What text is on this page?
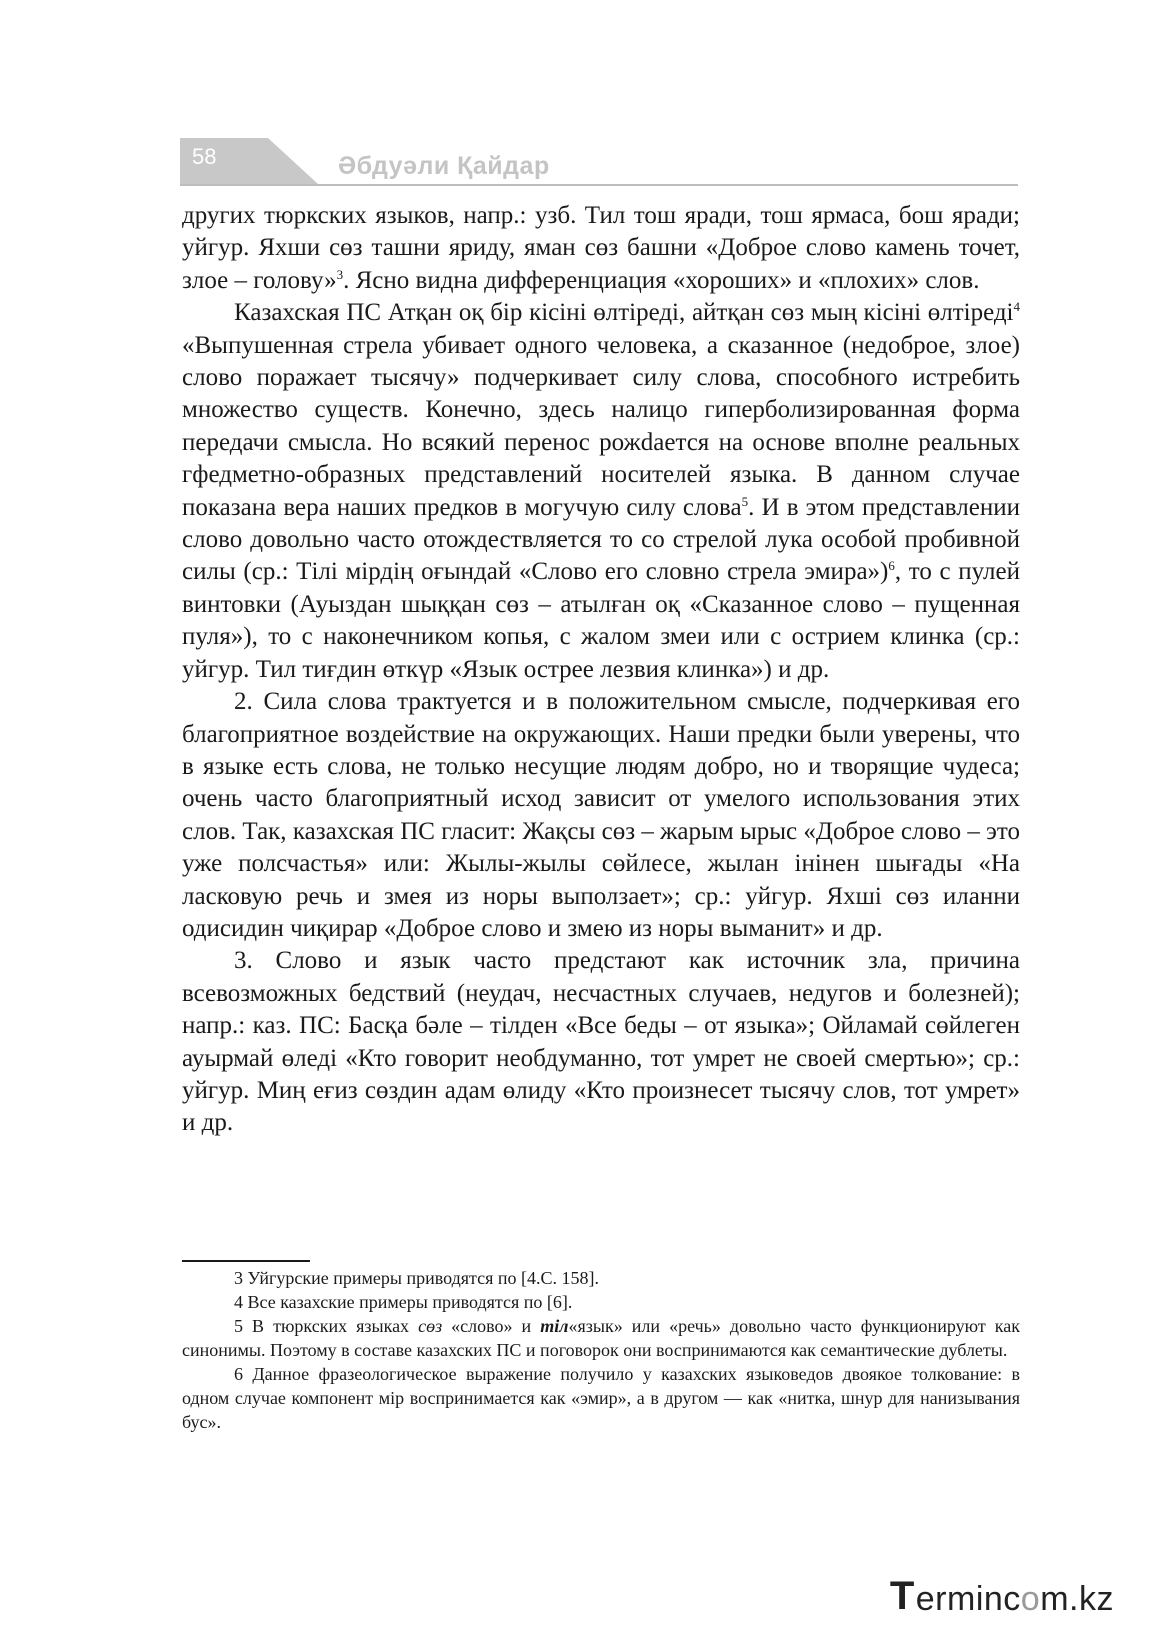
58	Әбдуәли Қайдар

других тюркских языков, напр.: узб. Тил тош яради, тош ярмаса, бош яради; уйгур. Яхши сөз ташни яриду, яман сөз башни «Доброе слово камень точет, злое – голову»$^3$. Ясно видна дифференциация «хороших» и «плохих» слов.

Казахская ПС Атқан оқ бір кісіні өлтіреді, айтқан сөз мың кісіні өлтіреді$^4$ «Выпушенная стрела убивает одного человека, а сказанное (недоброе, злое) слово поражает тысячу» подчеркивает силу слова, способного истребить множество существ. Конечно, здесь налицо гиперболизированная форма передачи смысла. Но всякий перенос рожdается на основе вполне реальных гфедметно-образных представлений носителей языка. В данном случае показана вера наших предков в могучую силу слова$^5$. И в этом представлении слово довольно часто отождествляется то со стрелой лука особой пробивной силы (ср.: Тілі мірдің оғындай «Слово его словно стрела эмира»)$^6$, то с пулей винтовки (Ауыздан шыққан сөз – атылған оқ «Сказанное слово – пущенная пуля»), то с наконечником копья, с жалом змеи или с острием клинка (ср.: уйгур. Тил тиғдин өткүр «Язык острее лезвия клинка») и др.

2. Сила слова трактуется и в положительном смысле, подчеркивая его благоприятное воздействие на окружающих. Наши предки были уверены, что в языке есть слова, не только несущие людям добро, но и творящие чудеса; очень часто благоприятный исход зависит от умелого использования этих слов. Так, казахская ПС гласит: Жақсы сөз – жарым ырыс «Доброе слово – это уже полсчастья» или: Жылы-жылы сөйлесе, жылан інінен шығады «На ласковую речь и змея из норы выползает»; ср.: уйгур. Яхші сөз иланни одисидин чиқирар «Доброе слово и змею из норы выманит» и др.

3. Слово и язык часто предстают как источник зла, причина всевозможных бедствий (неудач, несчастных случаев, недугов и болезней); напр.: каз. ПС: Басқа бәле – тілден «Все беды – от языка»; Ойламай сөйлеген ауырмай өледі «Кто говорит необдуманно, тот умрет не своей смертью»; ср.: уйгур. Миң еғиз сөздин адам өлиду «Кто произнесет тысячу слов, тот умрет» и др.

3 Уйгурские примеры приводятся по [4.С. 158].

4 Все казахские примеры приводятся по [6].

5 В тюркских языках сөз «слово» и тіл«язык» или «речь» довольно часто функционируют как синонимы. Поэтому в составе казахских ПС и поговорок они воспринимаются как семантические дублеты.

6 Данное фразеологическое выражение получило у казахских языковедов двоякое толкование: в одном случае компонент мір воспринимается как «эмир», а в другом — как «нитка, шнур для нанизывания бус».

T erminc o m.kz
